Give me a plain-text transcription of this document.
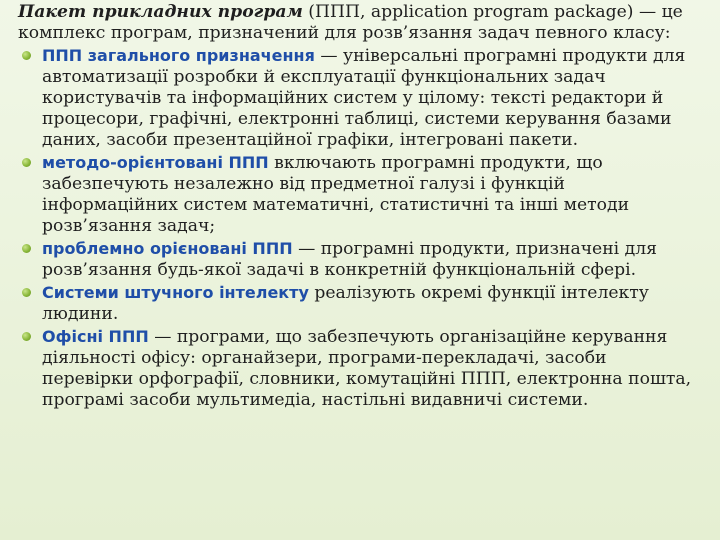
Пакет прикладних програм (ППП, application program package) — це комплекс програм, призначений для розв’язання задач певного класу:

ППП загального призначення — універсальні програмні продукти для автоматизації розробки й експлуатації функціональних задач користувачів та інформаційних систем у цілому: тексті редактори й процесори, графічні, електронні таблиці, системи керування базами даних, засоби презентаційної графіки, інтегровані пакети.
методо-орієнтовані ППП включають програмні продукти, що забезпечують незалежно від предметної галузі і функцій інформаційних систем математичні, статистичні та інші методи розв’язання задач;
проблемно орієновані ППП — програмні продукти, призначені для розв’язання будь-якої задачі в конкретній функціональній сфері.
Системи штучного інтелекту реалізують окремі функції інтелекту людини.
Офісні ППП — програми, що забезпечують організаційне керування діяльності офісу: органайзери, програми-перекладачі, засоби перевірки орфографії, словники, комутаційні ППП, електронна пошта, програмі засоби мультимедіа, настільні видавничі системи.
